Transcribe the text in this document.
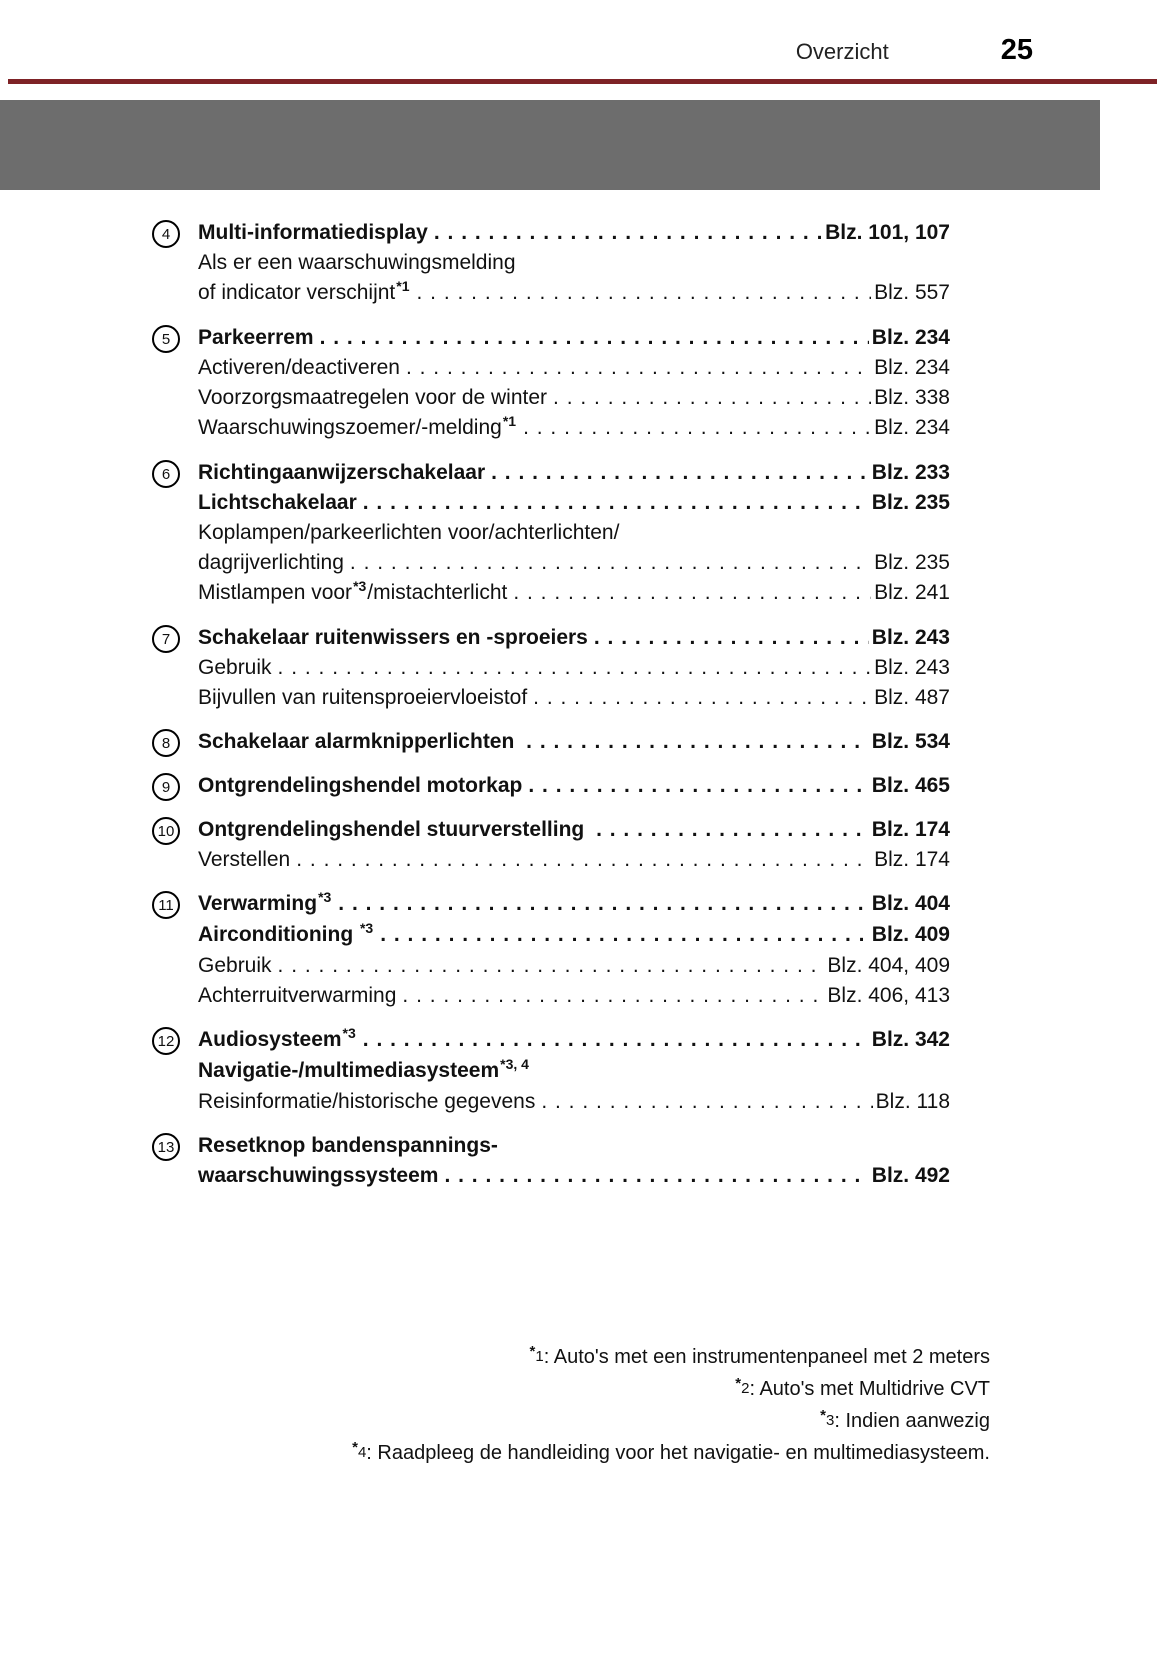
Overzicht	25
4	Multi-informatiedisplay . . .	Blz. 101, 107
Als er een waarschuwingsmelding
of indicator verschijnt *1 . . .	Blz. 557
5	Parkeerrem . . .	Blz. 234
Activeren/deactiveren . . .	Blz. 234
Voorzorgsmaatregelen voor de winter . . .	Blz. 338
Waarschuwingszoemer/-melding *1 . . .	Blz. 234
6	Richtingaanwijzerschakelaar . . .	Blz. 233
Lichtschakelaar . . .	Blz. 235
Koplampen/parkeerlichten voor/achterlichten/
dagrijverlichting . . .	Blz. 235
Mistlampen voor *3 /mistachterlicht . . .	Blz. 241
7	Schakelaar ruitenwissers en -sproeiers . . .	Blz. 243
Gebruik . . .	Blz. 243
Bijvullen van ruitensproeiervloeistof . . .	Blz. 487
8	Schakelaar alarmknipperlichten . . .	Blz. 534
9	Ontgrendelingshendel motorkap . . .	Blz. 465
10	Ontgrendelingshendel stuurverstelling . . .	Blz. 174
Verstellen . . .	Blz. 174
11	Verwarming *3 . . .	Blz. 404
Airconditioning *3 . . .	Blz. 409
Gebruik . . .	Blz. 404, 409
Achterruitverwarming . . .	Blz. 406, 413
12	Audiosysteem *3 . . .	Blz. 342
Navigatie-/multimediasysteem *3, 4
Reisinformatie/historische gegevens . . .	Blz. 118
13	Resetknop bandenspannings-
waarschuwingssysteem . . .	Blz. 492
*1: Auto's met een instrumentenpaneel met 2 meters
*2: Auto's met Multidrive CVT
*3: Indien aanwezig
*4: Raadpleeg de handleiding voor het navigatie- en multimediasysteem.
